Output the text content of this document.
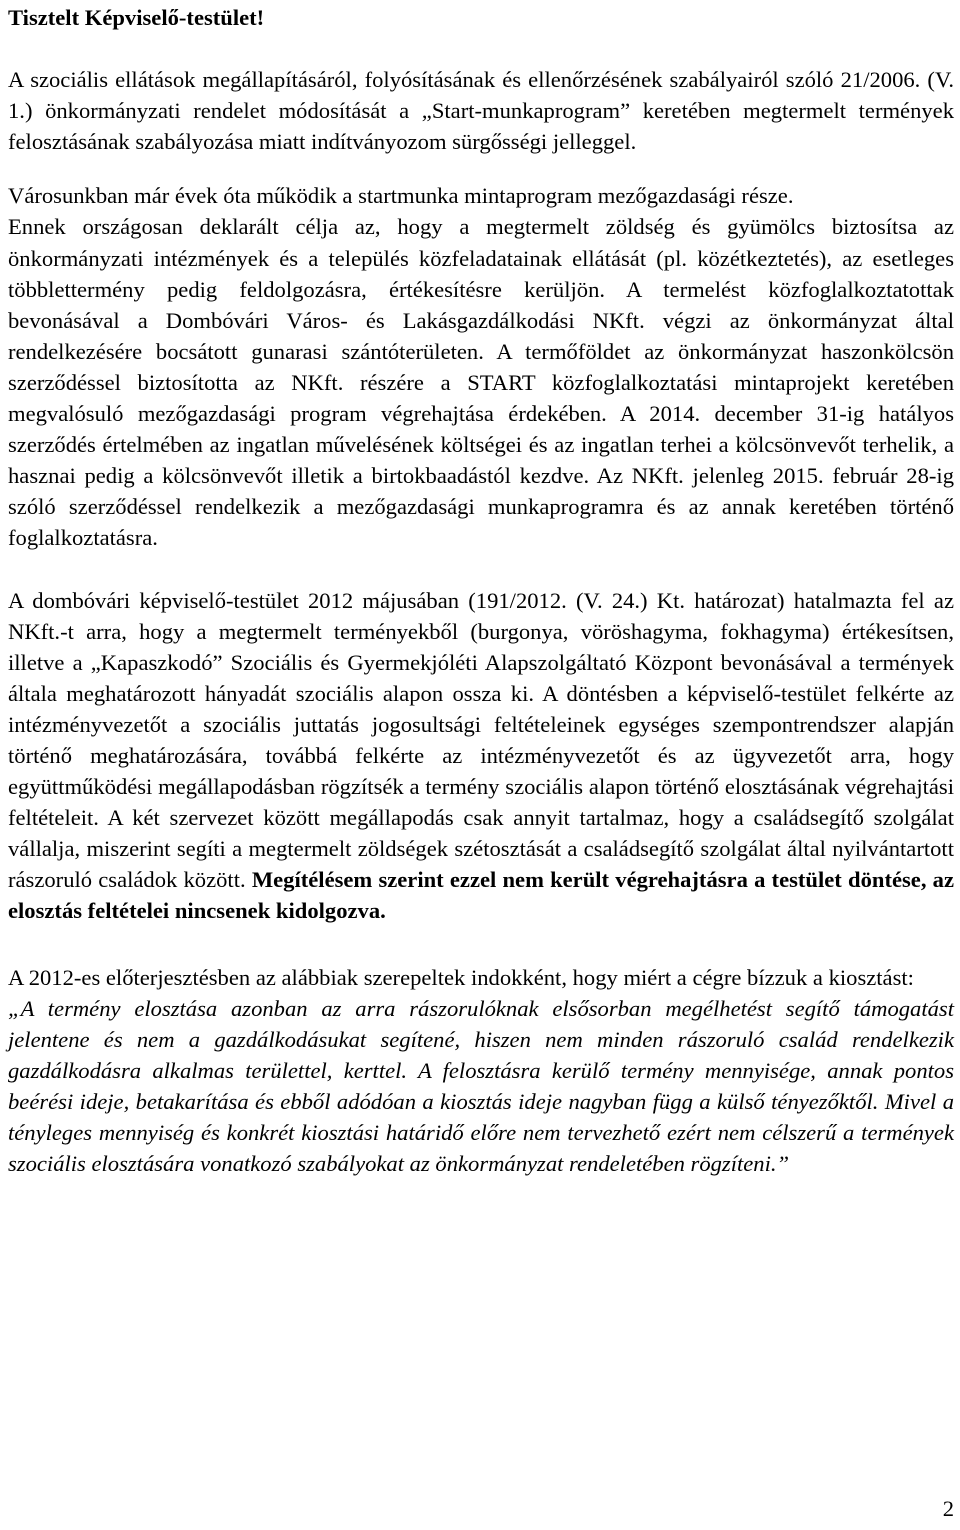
Tisztelt Képviselő-testület!

A szociális ellátások megállapításáról, folyósításának és ellenőrzésének szabályairól szóló 21/2006. (V. 1.) önkormányzati rendelet módosítását a „Start-munkaprogram” keretében megtermelt termények felosztásának szabályozása miatt indítványozom sürgősségi jelleggel.

Városunkban már évek óta működik a startmunka mintaprogram mezőgazdasági része.

Ennek országosan deklarált célja az, hogy a megtermelt zöldség és gyümölcs biztosítsa az önkormányzati intézmények és a település közfeladatainak ellátását (pl. közétkeztetés), az esetleges többlettermény pedig feldolgozásra, értékesítésre kerüljön. A termelést közfoglalkoztatottak bevonásával a Dombóvári Város- és Lakásgazdálkodási NKft. végzi az önkormányzat által rendelkezésére bocsátott gunarasi szántóterületen. A termőföldet az önkormányzat haszonkölcsön szerződéssel biztosította az NKft. részére a START közfoglalkoztatási mintaprojekt keretében megvalósuló mezőgazdasági program végrehajtása érdekében. A 2014. december 31-ig hatályos szerződés értelmében az ingatlan művelésének költségei és az ingatlan terhei a kölcsönvevőt terhelik, a hasznai pedig a kölcsönvevőt illetik a birtokbaadástól kezdve. Az NKft. jelenleg 2015. február 28-ig szóló szerződéssel rendelkezik a mezőgazdasági munkaprogramra és az annak keretében történő foglalkoztatásra.

A dombóvári képviselő-testület 2012 májusában (191/2012. (V. 24.) Kt. határozat) hatalmazta fel az NKft.-t arra, hogy a megtermelt terményekből (burgonya, vöröshagyma, fokhagyma) értékesítsen, illetve a „Kapaszkodó” Szociális és Gyermekjóléti Alapszolgáltató Központ bevonásával a termények általa meghatározott hányadát szociális alapon ossza ki. A döntésben a képviselő-testület felkérte az intézményvezetőt a szociális juttatás jogosultsági feltételeinek egységes szempontrendszer alapján történő meghatározására, továbbá felkérte az intézményvezetőt és az ügyvezetőt arra, hogy együttműködési megállapodásban rögzítsék a termény szociális alapon történő elosztásának végrehajtási feltételeit. A két szervezet között megállapodás csak annyit tartalmaz, hogy a családsegítő szolgálat vállalja, miszerint segíti a megtermelt zöldségek szétosztását a családsegítő szolgálat által nyilvántartott rászoruló családok között. Megítélésem szerint ezzel nem került végrehajtásra a testület döntése, az elosztás feltételei nincsenek kidolgozva.

A 2012-es előterjesztésben az alábbiak szerepeltek indokként, hogy miért a cégre bízzuk a kiosztást:

„A termény elosztása azonban az arra rászorulóknak elsősorban megélhetést segítő támogatást jelentene és nem a gazdálkodásukat segítené, hiszen nem minden rászoruló család rendelkezik gazdálkodásra alkalmas területtel, kerttel. A felosztásra kerülő termény mennyisége, annak pontos beérési ideje, betakarítása és ebből adódóan a kiosztás ideje nagyban függ a külső tényezőktől. Mivel a tényleges mennyiség és konkrét kiosztási határidő előre nem tervezhető ezért nem célszerű a termények szociális elosztására vonatkozó szabályokat az önkormányzat rendeletében rögzíteni.”

2
